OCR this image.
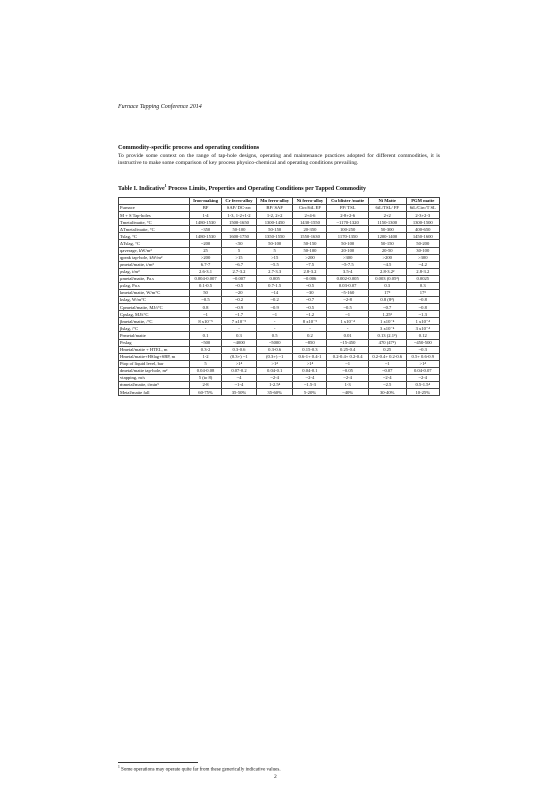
Furnace Tapping Conference 2014
Commodity-specific process and operating conditions
To provide some context on the range of tap-hole designs, operating and maintenance practices adopted for different commodities, it is instructive to make some comparison of key process physico-chemical and operating conditions prevailing.
Table I. Indicative$^1$ Process Limits, Properties and Operating Conditions per Tapped Commodity
	Iron-making	Cr ferro-alloy	Mn ferro-alloy	Ni ferro-alloy	Cu blister /matte	Ni Matte	PGM matte
Furnace	BF	SAF/ DC-arc	BF/ SAF	Circ/6iL EF	FF/ TSL	6iL/TSL/ FF	6iL/Circ/T SL
M + S Tap-holes	1-4	1-3, 1-2+1-2	1-2, 2+2	2+4-6	2-8+2-6	2+2	2-3+2-3
Tmetal/matte, °C	1480-1530	1500-1650	1300-1450	1430-1550	~1170-1320	1150-1300	1300-1500
ΔTmetal/matte, °C	~350	50-100	50-150	20-350	100-250	50-300	400-650
Tslag, °C	1480-1530	1600-1750	1350-1550	1550-1630	1170-1350	1200-1400	1450-1600
ΔTslag, °C	~200	<50	50-100	50-150	50-100	50-150	50-200
qaverage, kW/m²	25	5	5	50-100	20-100	20-50	30-100
qpeak tap-hole, kW/m²	>200	>15	>15	>200	>300	>200	>300
ρmetal/matte, t/m³	6.7-7	~6.7	~5.5	~7.5	~5-7.5	~4.5	~4.2
ρslag, t/m³	2.6-3.1	2.7-3.2	2.7-3.3	2.8-3.2	3.5-4	2.8-3.2²	2.8-3.2
μmetal/matte, Pa.s	0.004-0.007	~0.007	0.005	~0.006	0.002-0.005	0.003 (0.05³)	0.0025
μslag, Pa.s	0.1-0.5	~0.5	0.7-1.5	~0.5	0.03-0.07	0.3	0.3
kmetal/matte, W/m°C	50	~20	~14	~30	~5-160	17³	17³
kslag, W/m°C	~0.5	~0.2	~0.2	~0.7	~2-8	0.8 (8³)	~0.8
Cpmetal/matte, MJ/t°C	0.8	~0.9	~0.9	~0.5	~0.5	~0.7	~0.8
Cpslag, MJ/t°C	~1	~1.7	~1	~1.2	~1	1.25³	~1.3
βmetal/matte, /°C	8 x10⁻⁵	7 x10⁻⁵	-	8 x10⁻⁵	1 x10⁻⁴	1 x10⁻⁴	1 x10⁻⁴
βslag, /°C	-	-	-	-	-	3 x10⁻⁴	3 x10⁻⁴
Prmetal/matte	0.1	0.3	0.5	0.2	0.01	0.13 (2.1³)	0.12
Prslag	~500	~4000	~5000	~850	~15-450	470 (47³)	~450-500
Hmetal/matte + HTEL, m	0.3-2	0.3-0.6	0.3-0.6	0.15-0.3	0.25-0.4	0.25	~0.3
Hmetal/matte+HSlag+SBP, m	1-2	(0.3+) ~1	(0.3+) ~1	0.6-1+ 0.4-1	0.2-0.4+ 0.2-0.4	0.2-0.4+ 0.2-0.6	0.5+ 0.6-0.9
Ptop of liquid level, bar	5	>1⁴	>1⁴	>1⁴	~1	~1	>1⁴
dmetal/matte tap-hole, m²	0.04-0.08	0.07-0.2	0.04-0.1	0.04-0.1	~0.05	~0.07	0.04-0.07
vtapping, m/s	5 (to 8)	~4	~2-4	~2-4	~2-4	~2-4	~2-4
ṁmetal/matte, t/min⁵	2-8	~1-4	1-2.5⁴	~1.5-3	1-3	~2.5	0.5-1.5⁴
Metal/matte fall	60-75%	35-50%	35-60%	5-20%	~40%	30-40%	10-25%
$^1$ Some operations may operate quite far from these generically indicative values.
2
